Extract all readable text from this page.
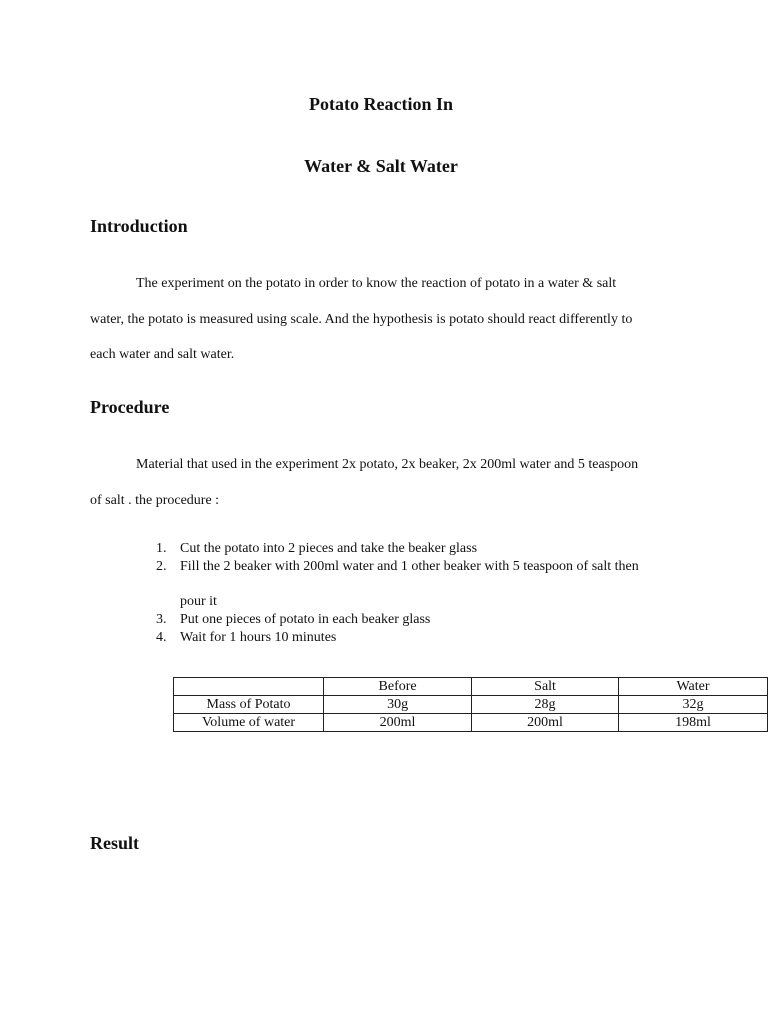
Potato Reaction In
Water & Salt Water
Introduction
The experiment on the potato in order to know the reaction of potato in a water & salt
water, the potato is measured using scale. And the hypothesis is potato should react differently to
each water and salt water.
Procedure
Material that used in the experiment 2x potato, 2x beaker, 2x 200ml water and 5 teaspoon
of salt . the procedure :
1. Cut the potato into 2 pieces and take the beaker glass
2. Fill the 2 beaker with 200ml water and 1 other beaker with 5 teaspoon of salt then
pour it
3. Put one pieces of potato in each beaker glass
4. Wait for 1 hours 10 minutes
	Before	Salt	Water
Mass of Potato	30g	28g	32g
Volume of water	200ml	200ml	198ml
Result
